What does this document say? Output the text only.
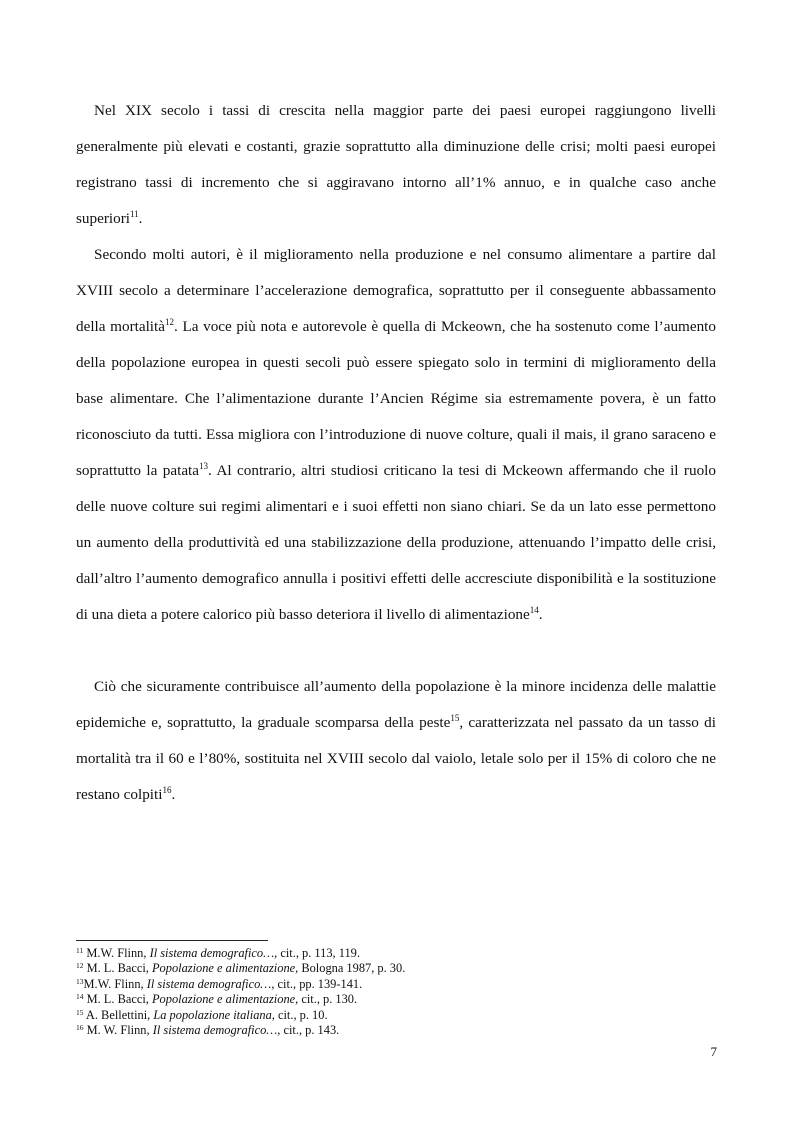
Nel XIX secolo i tassi di crescita nella maggior parte dei paesi europei raggiungono livelli generalmente più elevati e costanti, grazie soprattutto alla diminuzione delle crisi; molti paesi europei registrano tassi di incremento che si aggiravano intorno all’1% annuo, e in qualche caso anche superiori$^{11}$.

Secondo molti autori, è il miglioramento nella produzione e nel consumo alimentare a partire dal XVIII secolo a determinare l’accelerazione demografica, soprattutto per il conseguente abbassamento della mortalità$^{12}$. La voce più nota e autorevole è quella di Mckeown, che ha sostenuto come l’aumento della popolazione europea in questi secoli può essere spiegato solo in termini di miglioramento della base alimentare. Che l’alimentazione durante l’Ancien Régime sia estremamente povera, è un fatto riconosciuto da tutti. Essa migliora con l’introduzione di nuove colture, quali il mais, il grano saraceno e soprattutto la patata$^{13}$. Al contrario, altri studiosi criticano la tesi di Mckeown affermando che il ruolo delle nuove colture sui regimi alimentari e i suoi effetti non siano chiari. Se da un lato esse permettono un aumento della produttività ed una stabilizzazione della produzione, attenuando l’impatto delle crisi, dall’altro l’aumento demografico annulla i positivi effetti delle accresciute disponibilità e la sostituzione di una dieta a potere calorico più basso deteriora il livello di alimentazione$^{14}$.

Ciò che sicuramente contribuisce all’aumento della popolazione è la minore incidenza delle malattie epidemiche e, soprattutto, la graduale scomparsa della peste$^{15}$, caratterizzata nel passato da un tasso di mortalità tra il 60 e l’80%, sostituita nel XVIII secolo dal vaiolo, letale solo per il 15% di coloro che ne restano colpiti$^{16}$.

$^{11}$ M.W. Flinn, Il sistema demografico…, cit., p. 113, 119.

$^{12}$ M. L. Bacci, Popolazione e alimentazione, Bologna 1987, p. 30.

$^{13}$M.W. Flinn, Il sistema demografico…, cit., pp. 139-141.

$^{14}$ M. L. Bacci, Popolazione e alimentazione, cit., p. 130.

$^{15}$ A. Bellettini, La popolazione italiana, cit., p. 10.

$^{16}$ M. W. Flinn, Il sistema demografico…, cit., p. 143.

7
